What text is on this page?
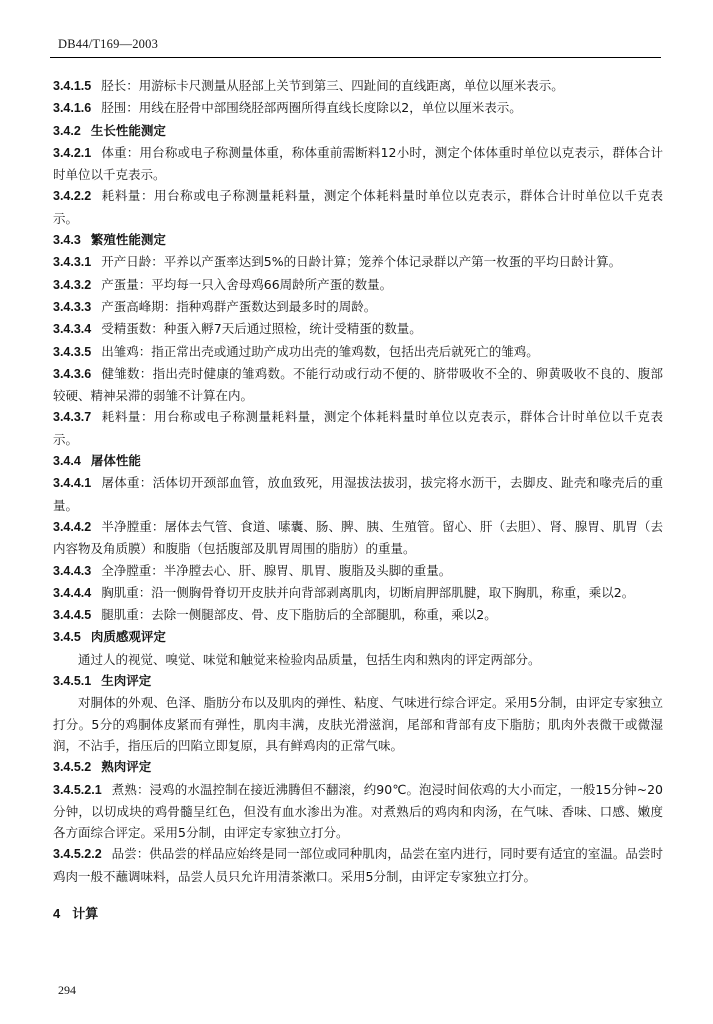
DB44/T169—2003

3.4.1.5 胫长：用游标卡尺测量从胫部上关节到第三、四趾间的直线距离，单位以厘米表示。

3.4.1.6 胫围：用线在胫骨中部围绕胫部两圈所得直线长度除以2，单位以厘米表示。

3.4.2 生长性能测定

3.4.2.1 体重：用台称或电子称测量体重，称体重前需断料12小时，测定个体体重时单位以克表示，群体合计时单位以千克表示。

3.4.2.2 耗料量：用台称或电子称测量耗料量，测定个体耗料量时单位以克表示，群体合计时单位以千克表示。

3.4.3 繁殖性能测定

3.4.3.1 开产日龄：平养以产蛋率达到5%的日龄计算；笼养个体记录群以产第一枚蛋的平均日龄计算。

3.4.3.2 产蛋量：平均每一只入舍母鸡66周龄所产蛋的数量。

3.4.3.3 产蛋高峰期：指种鸡群产蛋数达到最多时的周龄。

3.4.3.4 受精蛋数：种蛋入孵7天后通过照检，统计受精蛋的数量。

3.4.3.5 出雏鸡：指正常出壳或通过助产成功出壳的雏鸡数，包括出壳后就死亡的雏鸡。

3.4.3.6 健雏数：指出壳时健康的雏鸡数。不能行动或行动不便的、脐带吸收不全的、卵黄吸收不良的、腹部较硬、精神呆滞的弱雏不计算在内。

3.4.3.7 耗料量：用台称或电子称测量耗料量，测定个体耗料量时单位以克表示，群体合计时单位以千克表示。

3.4.4 屠体性能

3.4.4.1 屠体重：活体切开颈部血管，放血致死，用湿拔法拔羽，拔完将水沥干，去脚皮、趾壳和喙壳后的重量。

3.4.4.2 半净膛重：屠体去气管、食道、嗉囊、肠、脾、胰、生殖管。留心、肝（去胆）、肾、腺胃、肌胃（去内容物及角质膜）和腹脂（包括腹部及肌胃周围的脂肪）的重量。

3.4.4.3 全净膛重：半净膛去心、肝、腺胃、肌胃、腹脂及头脚的重量。

3.4.4.4 胸肌重：沿一侧胸骨脊切开皮肤并向背部剥离肌肉，切断肩胛部肌腱，取下胸肌，称重，乘以2。

3.4.4.5 腿肌重：去除一侧腿部皮、骨、皮下脂肪后的全部腿肌，称重，乘以2。

3.4.5 肉质感观评定

通过人的视觉、嗅觉、味觉和触觉来检验肉品质量，包括生肉和熟肉的评定两部分。

3.4.5.1 生肉评定

对胴体的外观、色泽、脂肪分布以及肌肉的弹性、粘度、气味进行综合评定。采用5分制，由评定专家独立打分。5分的鸡胴体皮紧而有弹性，肌肉丰满，皮肤光滑滋润，尾部和背部有皮下脂肪；肌肉外表微干或微湿润，不沾手，指压后的凹陷立即复原，具有鲜鸡肉的正常气味。

3.4.5.2 熟肉评定

3.4.5.2.1 煮熟：浸鸡的水温控制在接近沸腾但不翻滚，约90℃。泡浸时间依鸡的大小而定，一般15分钟~20分钟，以切成块的鸡骨髓呈红色，但没有血水渗出为准。对煮熟后的鸡肉和肉汤，在气味、香味、口感、嫩度各方面综合评定。采用5分制，由评定专家独立打分。

3.4.5.2.2 品尝：供品尝的样品应始终是同一部位或同种肌肉，品尝在室内进行，同时要有适宜的室温。品尝时鸡肉一般不蘸调味料，品尝人员只允许用清茶漱口。采用5分制，由评定专家独立打分。

4 计算
294
